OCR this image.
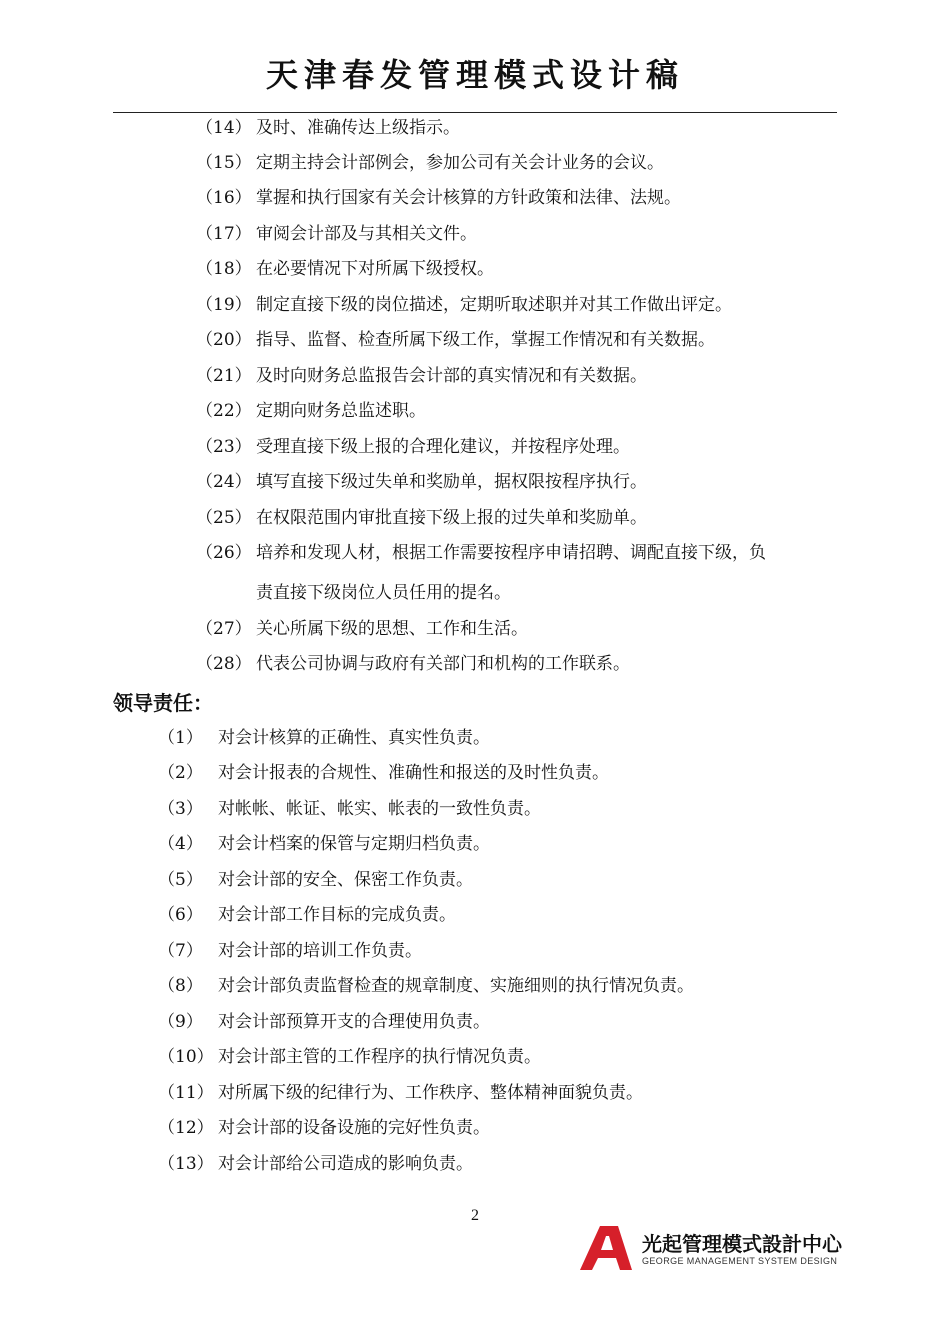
天津春发管理模式设计稿
（14） 及时、准确传达上级指示。
（15） 定期主持会计部例会，参加公司有关会计业务的会议。
（16） 掌握和执行国家有关会计核算的方针政策和法律、法规。
（17） 审阅会计部及与其相关文件。
（18） 在必要情况下对所属下级授权。
（19） 制定直接下级的岗位描述，定期听取述职并对其工作做出评定。
（20） 指导、监督、检查所属下级工作，掌握工作情况和有关数据。
（21） 及时向财务总监报告会计部的真实情况和有关数据。
（22） 定期向财务总监述职。
（23） 受理直接下级上报的合理化建议，并按程序处理。
（24） 填写直接下级过失单和奖励单，据权限按程序执行。
（25） 在权限范围内审批直接下级上报的过失单和奖励单。
（26） 培养和发现人材，根据工作需要按程序申请招聘、调配直接下级，负
（27） 关心所属下级的思想、工作和生活。
（28） 代表公司协调与政府有关部门和机构的工作联系。
责直接下级岗位人员任用的提名。
领导责任：
（1） 对会计核算的正确性、真实性负责。
（2） 对会计报表的合规性、准确性和报送的及时性负责。
（3） 对帐帐、帐证、帐实、帐表的一致性负责。
（4） 对会计档案的保管与定期归档负责。
（5） 对会计部的安全、保密工作负责。
（6） 对会计部工作目标的完成负责。
（7） 对会计部的培训工作负责。
（8） 对会计部负责监督检查的规章制度、实施细则的执行情况负责。
（9） 对会计部预算开支的合理使用负责。
（10） 对会计部主管的工作程序的执行情况负责。
（11） 对所属下级的纪律行为、工作秩序、整体精神面貌负责。
（12） 对会计部的设备设施的完好性负责。
（13） 对会计部给公司造成的影响负责。
2
光起管理模式設計中心
GEORGE MANAGEMENT SYSTEM DESIGN
